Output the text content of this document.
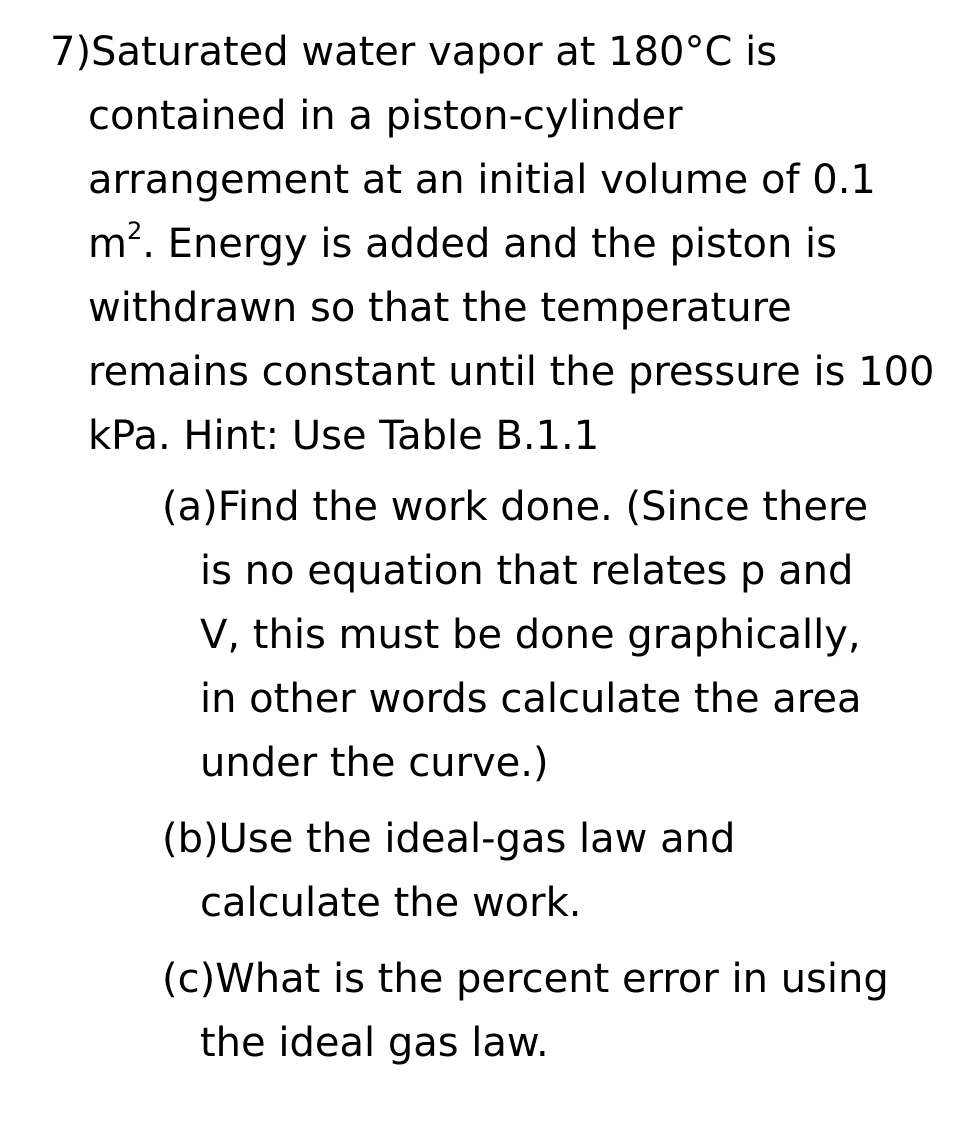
7)Saturated water vapor at 180°C is contained in a piston-cylinder arrangement at an initial volume of 0.1 $m^2$. Energy is added and the piston is withdrawn so that the temperature remains constant until the pressure is 100 kPa. Hint: Use Table B.1.1

(a)Find the work done. (Since there is no equation that relates p and V, this must be done graphically, in other words calculate the area under the curve.)

(b)Use the ideal-gas law and calculate the work.

(c)What is the percent error in using the ideal gas law.
